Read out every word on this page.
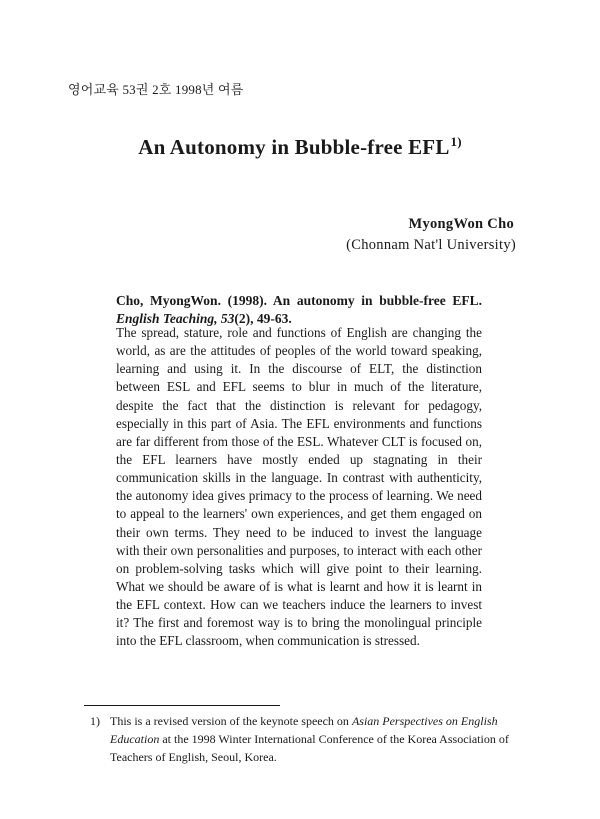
영어교육 53권 2호 1998년 여름
An Autonomy in Bubble-free EFL$^{1)}$
MyongWon Cho
(Chonnam Nat'l University)
Cho, MyongWon. (1998). An autonomy in bubble-free EFL.
English Teaching, 53(2), 49-63.
The spread, stature, role and functions of English are changing the
world, as are the attitudes of peoples of the world toward speaking,
learning and using it. In the discourse of ELT, the distinction
between ESL and EFL seems to blur in much of the literature,
despite the fact that the distinction is relevant for pedagogy,
especially in this part of Asia. The EFL environments and functions
are far different from those of the ESL. Whatever CLT is focused on,
the EFL learners have mostly ended up stagnating in their
communication skills in the language. In contrast with authenticity,
the autonomy idea gives primacy to the process of learning. We need
to appeal to the learners' own experiences, and get them engaged on
their own terms. They need to be induced to invest the language
with their own personalities and purposes, to interact with each other
on problem-solving tasks which will give point to their learning.
What we should be aware of is what is learnt and how it is learnt in
the EFL context. How can we teachers induce the learners to invest
it? The first and foremost way is to bring the monolingual principle
into the EFL classroom, when communication is stressed.
1) This is a revised version of the keynote speech on Asian Perspectives on English
Education at the 1998 Winter International Conference of the Korea Association of
Teachers of English, Seoul, Korea.
